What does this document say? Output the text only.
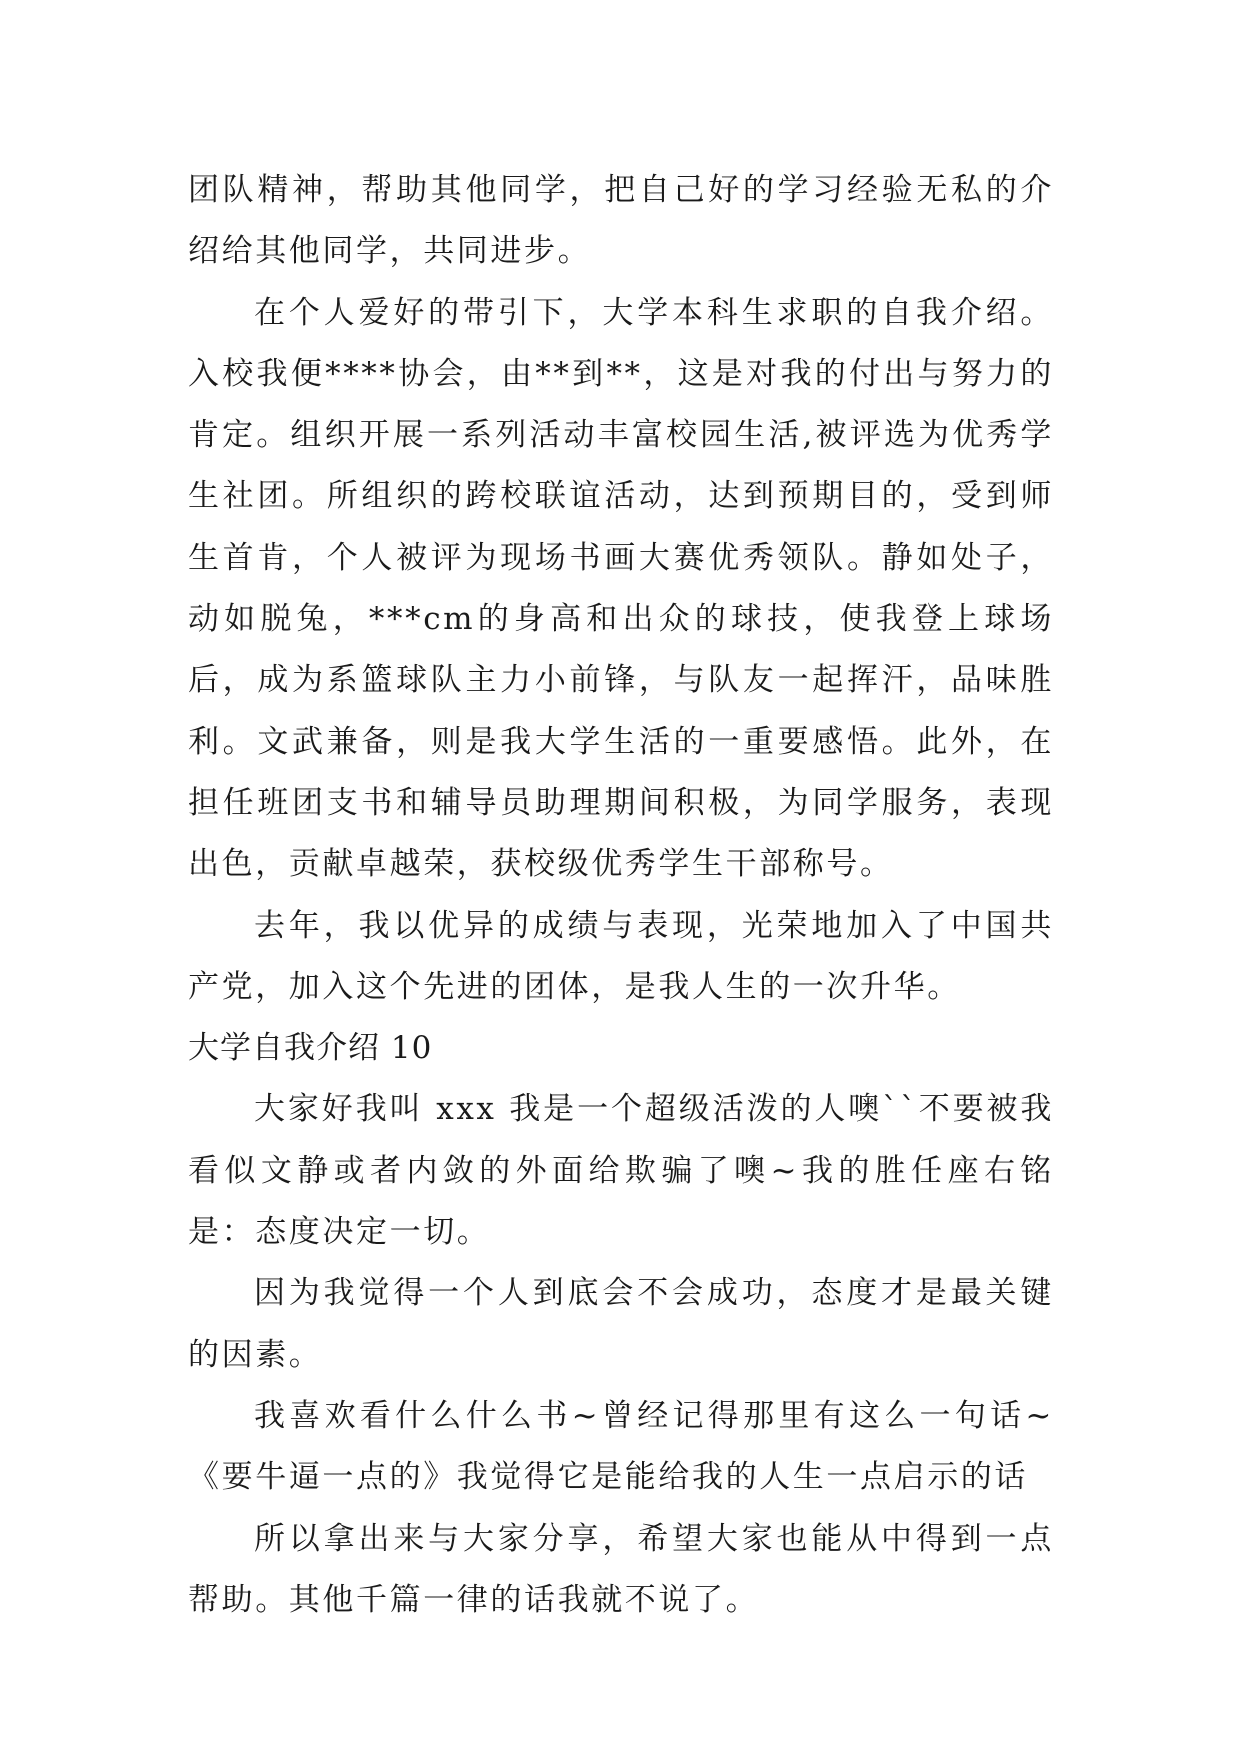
团队精神，帮助其他同学，把自己好的学习经验无私的介绍给其他同学，共同进步。

在个人爱好的带引下，大学本科生求职的自我介绍。入校我便****协会，由**到**，这是对我的付出与努力的肯定。组织开展一系列活动丰富校园生活,被评选为优秀学生社团。所组织的跨校联谊活动，达到预期目的，受到师生首肯，个人被评为现场书画大赛优秀领队。静如处子，动如脱兔，***cm的身高和出众的球技，使我登上球场后，成为系篮球队主力小前锋，与队友一起挥汗，品味胜利。文武兼备，则是我大学生活的一重要感悟。此外，在担任班团支书和辅导员助理期间积极，为同学服务，表现出色，贡献卓越荣，获校级优秀学生干部称号。

去年，我以优异的成绩与表现，光荣地加入了中国共产党，加入这个先进的团体，是我人生的一次升华。

大学自我介绍 10

大家好我叫 xxx 我是一个超级活泼的人噢``不要被我看似文静或者内敛的外面给欺骗了噢~我的胜任座右铭是：态度决定一切。

因为我觉得一个人到底会不会成功，态度才是最关键的因素。

我喜欢看什么什么书~曾经记得那里有这么一句话~《要牛逼一点的》我觉得它是能给我的人生一点启示的话

所以拿出来与大家分享，希望大家也能从中得到一点帮助。其他千篇一律的话我就不说了。
